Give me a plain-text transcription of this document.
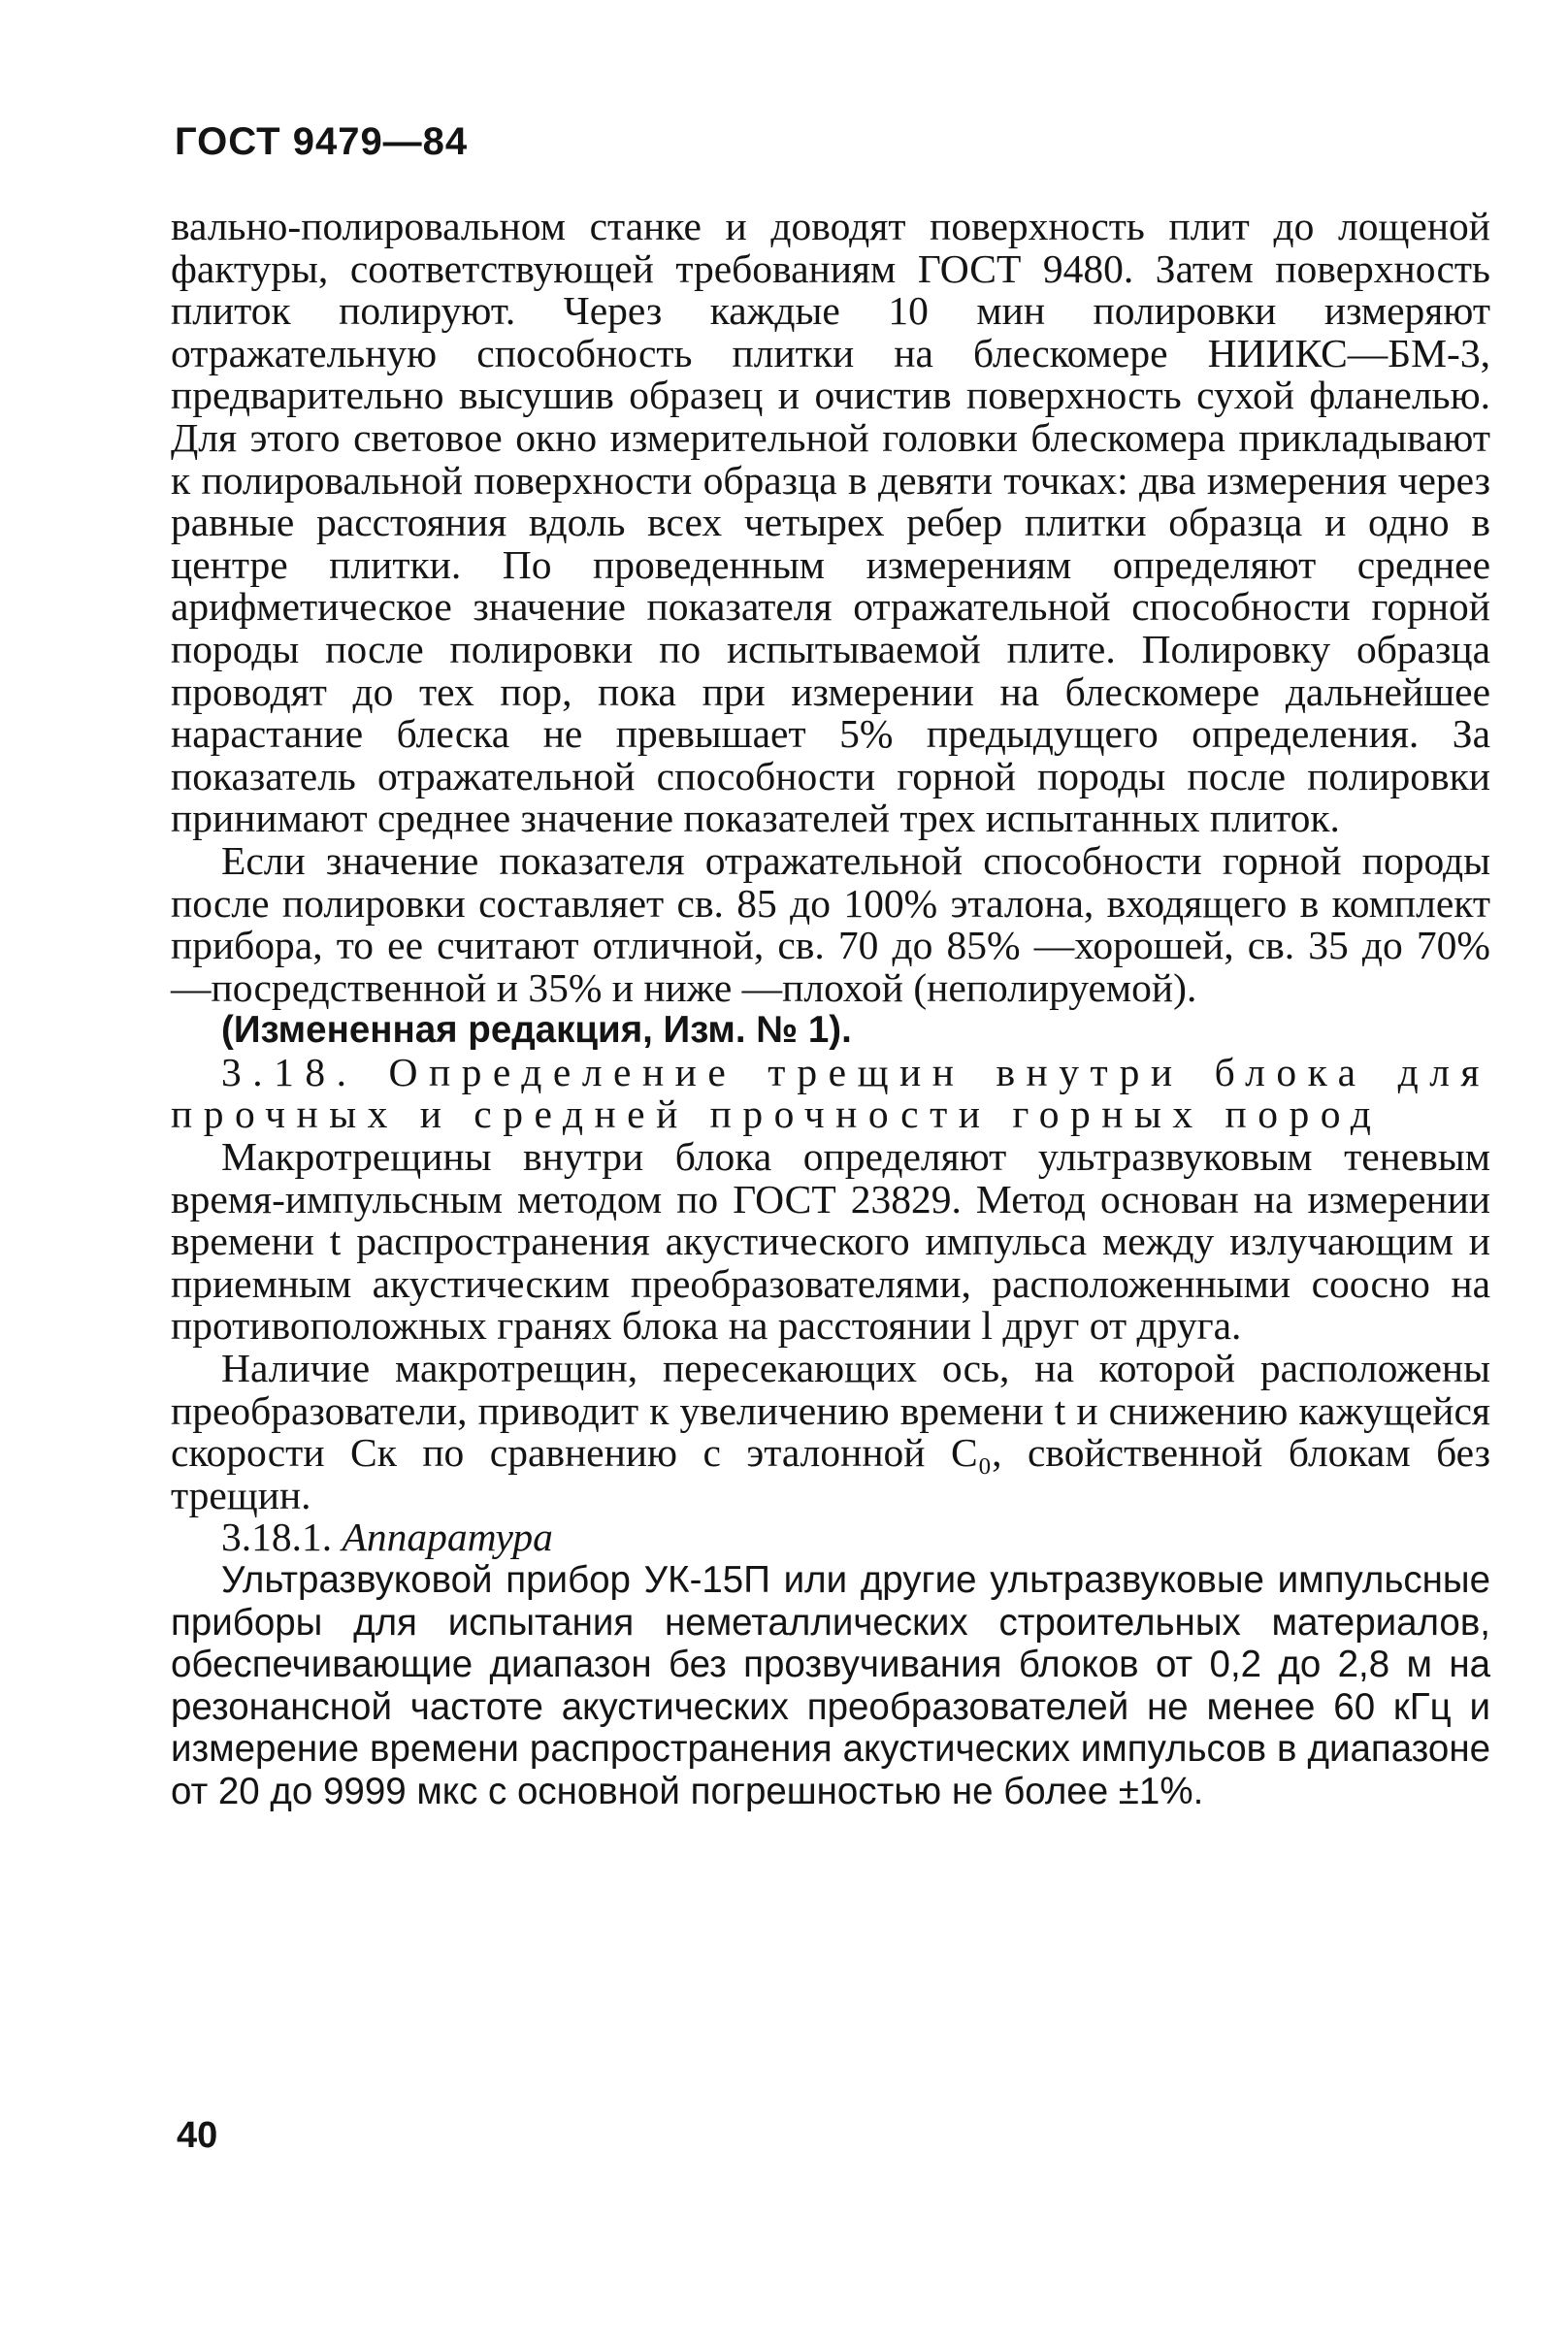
ГОСТ 9479—84

вально-полировальном станке и доводят поверхность плит до лощеной фактуры, соответствующей требованиям ГОСТ 9480. Затем поверхность плиток полируют. Через каждые 10 мин полировки измеряют отражательную способность плитки на блескомере НИИКС—БМ-3, предварительно высушив образец и очистив поверхность сухой фланелью. Для этого световое окно измерительной головки блескомера прикладывают к полировальной поверхности образца в девяти точках: два измерения через равные расстояния вдоль всех четырех ребер плитки образца и одно в центре плитки. По проведенным измерениям определяют среднее арифметическое значение показателя отражательной способности горной породы после полировки по испытываемой плите. Полировку образца проводят до тех пор, пока при измерении на блескомере дальнейшее нарастание блеска не превышает 5% предыдущего определения. За показатель отражательной способности горной породы после полировки принимают среднее значение показателей трех испытанных плиток.

Если значение показателя отражательной способности горной породы после полировки составляет св. 85 до 100% эталона, входящего в комплект прибора, то ее считают отличной, св. 70 до 85% —хорошей, св. 35 до 70% —посредственной и 35% и ниже —плохой (неполируемой).

(Измененная редакция, Изм. № 1).

3.18. Определение трещин внутри блока для прочных и средней прочности горных пород

Макротрещины внутри блока определяют ультразвуковым теневым время-импульсным методом по ГОСТ 23829. Метод основан на измерении времени t распространения акустического импульса между излучающим и приемным акустическим преобразователями, расположенными соосно на противоположных гранях блока на расстоянии l друг от друга.

Наличие макротрещин, пересекающих ось, на которой расположены преобразователи, приводит к увеличению времени t и снижению кажущейся скорости Cк по сравнению с эталонной C₀, свойственной блокам без трещин.

3.18.1. Аппаратура

Ультразвуковой прибор УК-15П или другие ультразвуковые импульсные приборы для испытания неметаллических строительных материалов, обеспечивающие диапазон без прозвучивания блоков от 0,2 до 2,8 м на резонансной частоте акустических преобразователей не менее 60 кГц и измерение времени распространения акустических импульсов в диапазоне от 20 до 9999 мкс с основной погрешностью не более ±1%.

40
